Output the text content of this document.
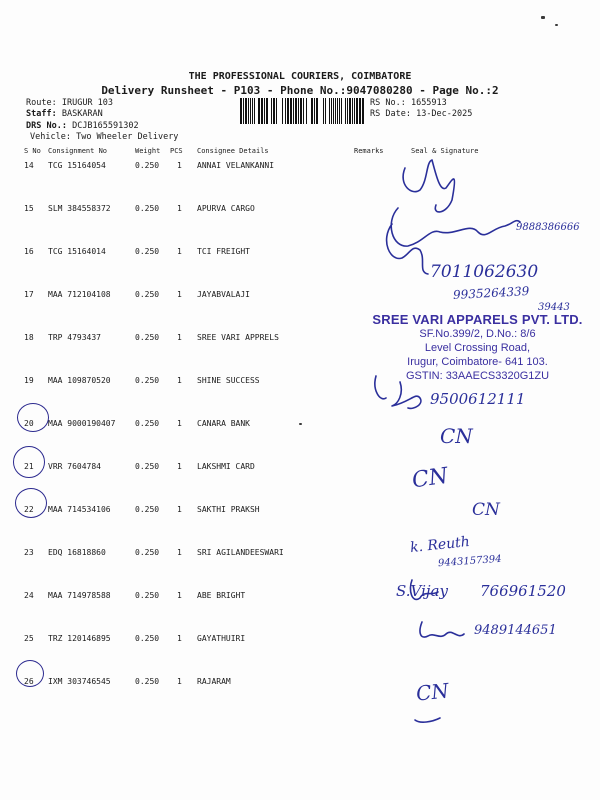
THE PROFESSIONAL COURIERS, COIMBATORE
Delivery Runsheet - P103 - Phone No.:9047080280 - Page No.:2
Route: IRUGUR 103
Staff: BASKARAN
DRS No.: DCJB165591302
Vehicle: Two Wheeler Delivery
RS No.: 1655913
RS Date: 13-Dec-2025
S No Consignment No	Weight PCS Consignee Details	Remarks	Seal & Signature
14 TCG 15164054	0.250 1 ANNAI VELANKANNI
15 SLM 384558372	0.250 1 APURVA CARGO
16 TCG 15164014	0.250 1 TCI FREIGHT
17 MAA 712104108	0.250 1 JAYABVALAJI
18 TRP 4793437	0.250 1 SREE VARI APPRELS
19 MAA 109870520	0.250 1 SHINE SUCCESS
20 MAA 9000190407 0.250 1 CANARA BANK
21 VRR 7604784	0.250 1 LAKSHMI CARD
22 MAA 714534106	0.250 1 SAKTHI PRAKSH
23 EDQ 16818860	0.250 1 SRI AGILANDEESWARI
24 MAA 714978588	0.250 1 ABE BRIGHT
25 TRZ 120146895	0.250 1 GAYATHUIRI
26 IXM 303746545	0.250 1 RAJARAM
SREE VARI APPARELS PVT. LTD.
SF.No.399/2, D.No.: 8/6
Level Crossing Road,
Irugur, Coimbatore- 641 103.
GSTIN: 33AAECS3320G1ZU
9888386666
7011062630
9935264339
39443
9500612111
CN
CN
CN
k. Reuth
9443157394
S.Vijay 766961520
9489144651
CN
